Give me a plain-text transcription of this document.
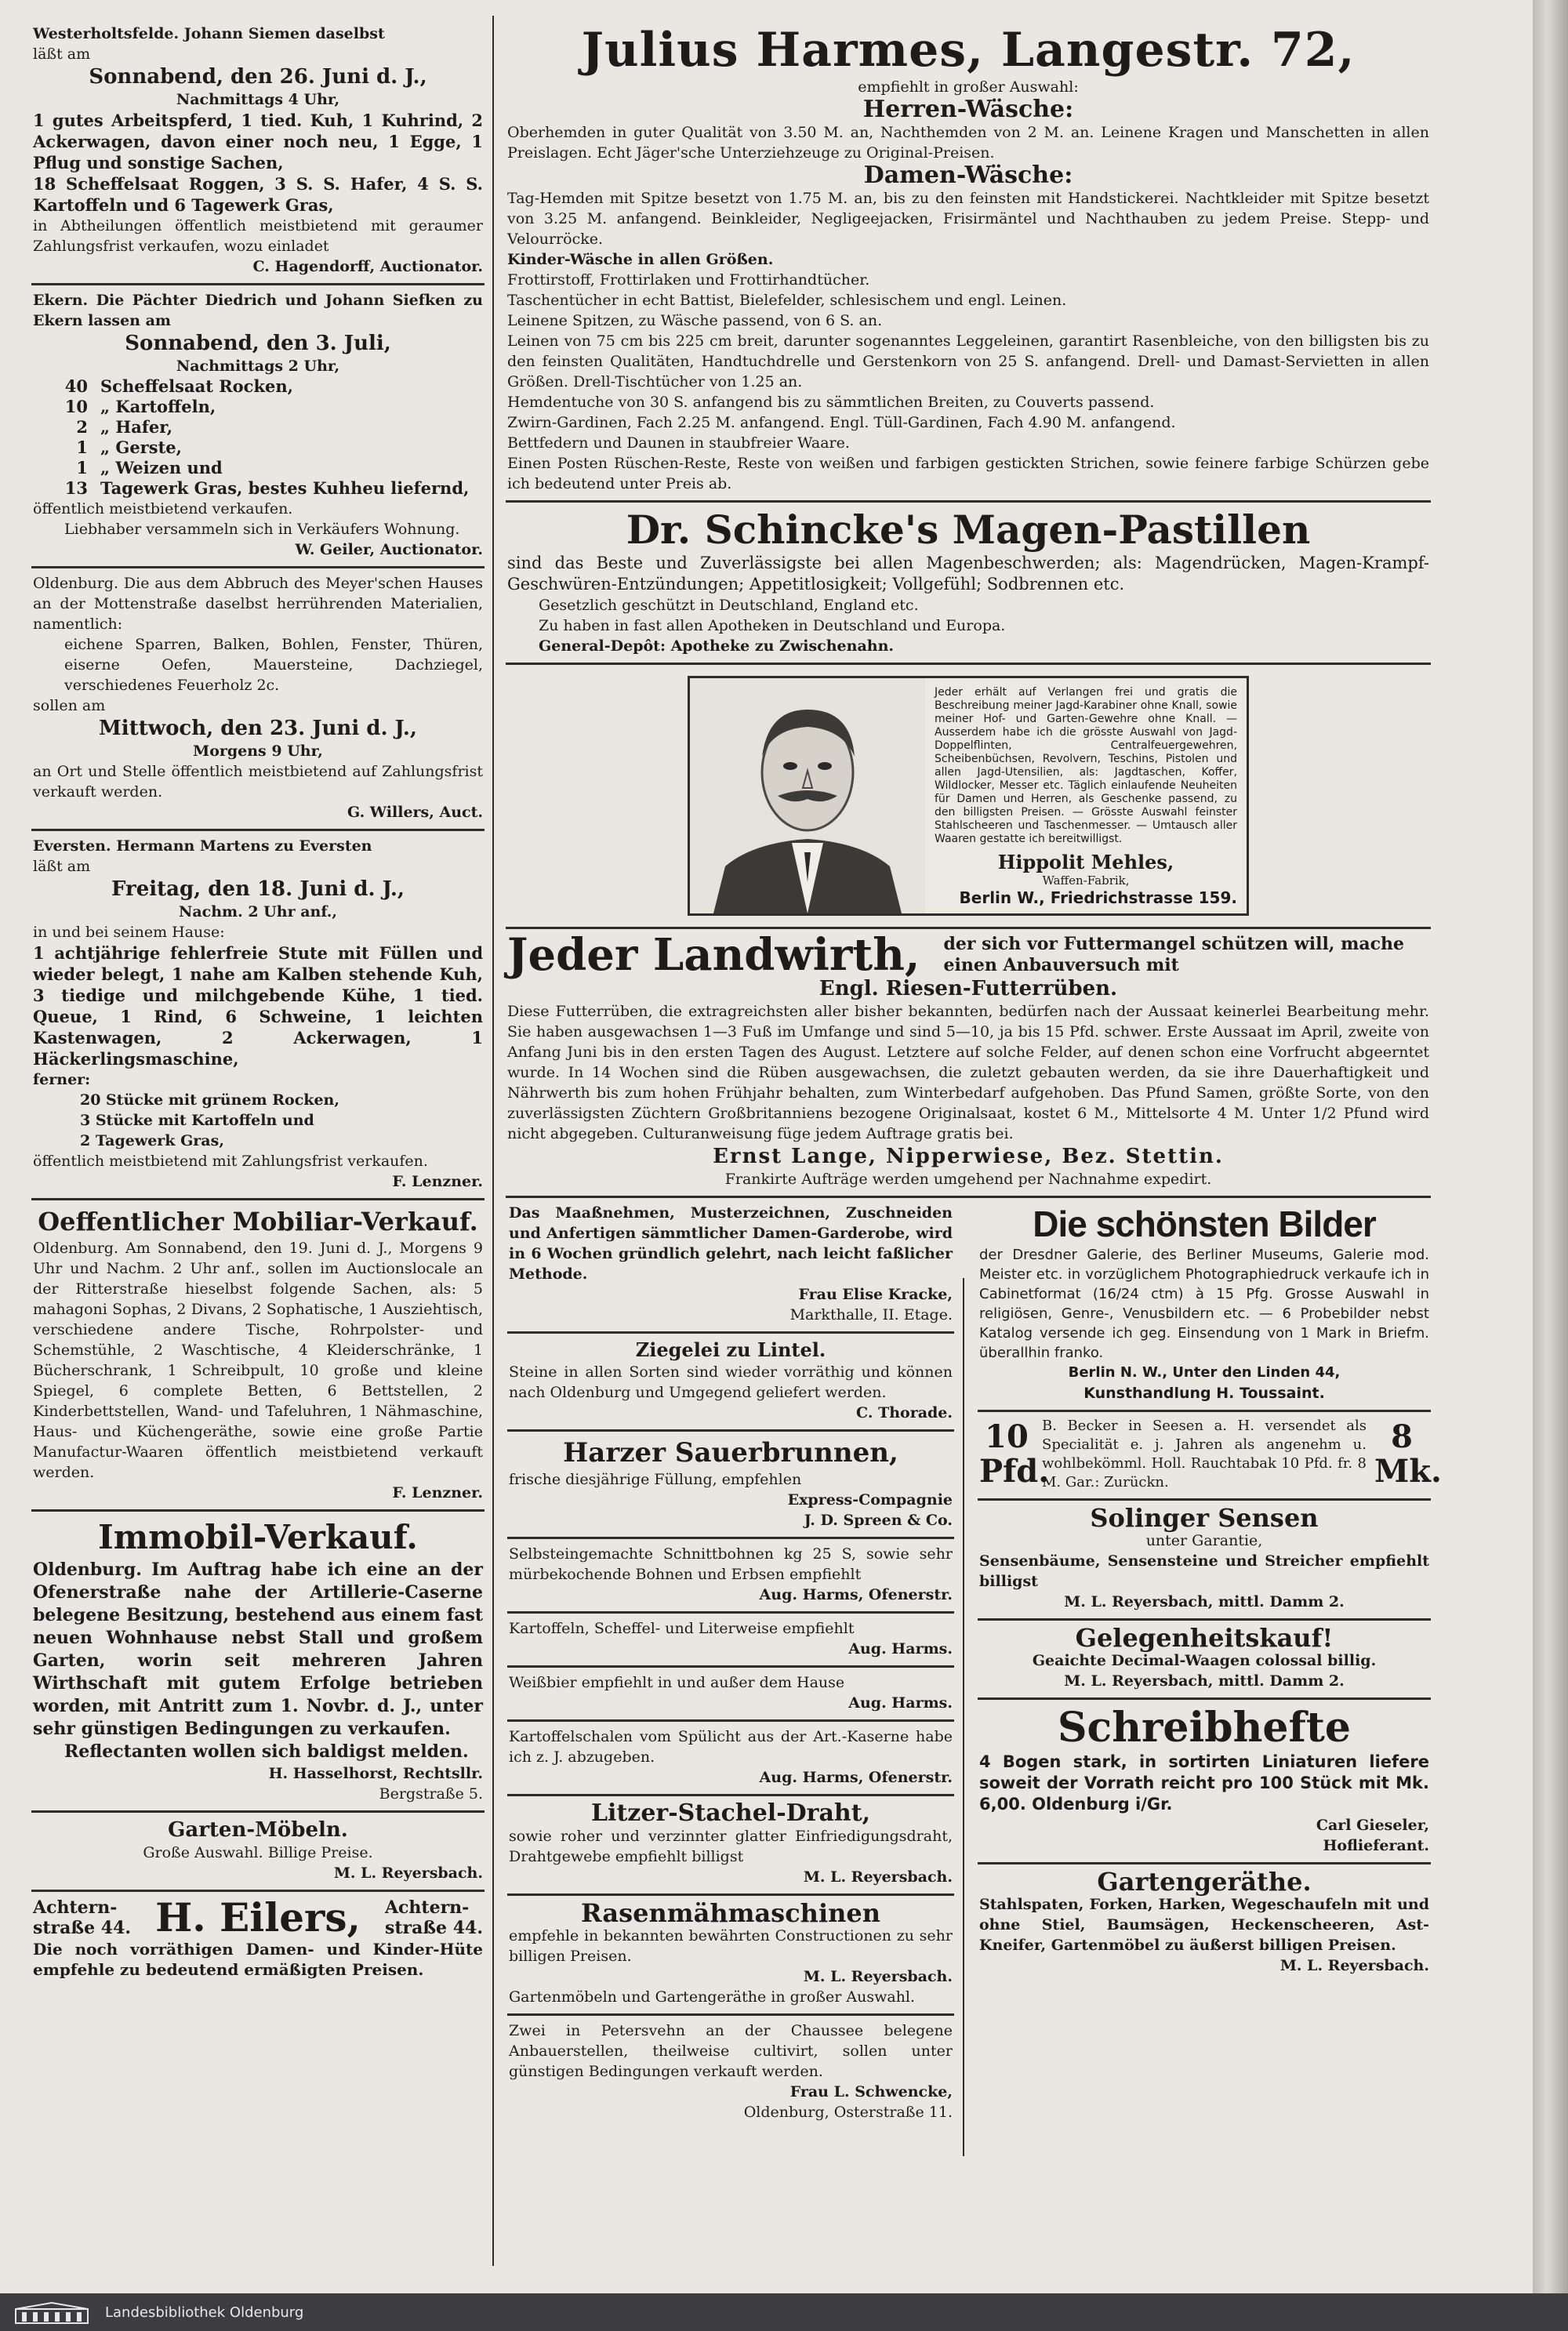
Westerholtsfelde. Johann Siemen daselbst

läßt am

Sonnabend, den 26. Juni d. J.,

Nachmittags 4 Uhr,

1 gutes Arbeitspferd, 1 tied. Kuh, 1 Kuhrind, 2 Ackerwagen, davon einer noch neu, 1 Egge, 1 Pflug und sonstige Sachen,

18 Scheffelsaat Roggen, 3 S. S. Hafer, 4 S. S. Kartoffeln und 6 Tagewerk Gras,

in Abtheilungen öffentlich meistbietend mit geraumer Zahlungsfrist verkaufen, wozu einladet

C. Hagendorff, Auctionator.

Ekern. Die Pächter Diedrich und Johann Siefken zu Ekern lassen am

Sonnabend, den 3. Juli,

Nachmittags 2 Uhr,

40 Scheffelsaat Rocken,
10 „ Kartoffeln,
2 „ Hafer,
1 „ Gerste,
1 „ Weizen und
13 Tagewerk Gras, bestes Kuhheu liefernd,

öffentlich meistbietend verkaufen.

Liebhaber versammeln sich in Verkäufers Wohnung.

W. Geiler, Auctionator.

Oldenburg. Die aus dem Abbruch des Meyer'schen Hauses an der Mottenstraße daselbst herrührenden Materialien, namentlich:

eichene Sparren, Balken, Bohlen, Fenster, Thüren, eiserne Oefen, Mauersteine, Dachziegel, verschiedenes Feuerholz 2c.

sollen am

Mittwoch, den 23. Juni d. J.,

Morgens 9 Uhr,

an Ort und Stelle öffentlich meistbietend auf Zahlungsfrist verkauft werden.

G. Willers, Auct.

Eversten. Hermann Martens zu Eversten

läßt am

Freitag, den 18. Juni d. J.,

Nachm. 2 Uhr anf.,

in und bei seinem Hause:

1 achtjährige fehlerfreie Stute mit Füllen und wieder belegt, 1 nahe am Kalben stehende Kuh, 3 tiedige und milchgebende Kühe, 1 tied. Queue, 1 Rind, 6 Schweine, 1 leichten Kastenwagen, 2 Ackerwagen, 1 Häckerlingsmaschine,

ferner:

20 Stücke mit grünem Rocken,

3 Stücke mit Kartoffeln und

2 Tagewerk Gras,

öffentlich meistbietend mit Zahlungsfrist verkaufen.

F. Lenzner.

Oeffentlicher Mobiliar-Verkauf.

Oldenburg. Am Sonnabend, den 19. Juni d. J., Morgens 9 Uhr und Nachm. 2 Uhr anf., sollen im Auctionslocale an der Ritterstraße hieselbst folgende Sachen, als: 5 mahagoni Sophas, 2 Divans, 2 Sophatische, 1 Ausziehtisch, verschiedene andere Tische, Rohrpolster- und Schemstühle, 2 Waschtische, 4 Kleiderschränke, 1 Bücherschrank, 1 Schreibpult, 10 große und kleine Spiegel, 6 complete Betten, 6 Bettstellen, 2 Kinderbettstellen, Wand- und Tafeluhren, 1 Nähmaschine, Haus- und Küchengeräthe, sowie eine große Partie Manufactur-Waaren öffentlich meistbietend verkauft werden.

F. Lenzner.

Immobil-Verkauf.

Oldenburg. Im Auftrag habe ich eine an der Ofenerstraße nahe der Artillerie-Caserne belegene Besitzung, bestehend aus einem fast neuen Wohnhause nebst Stall und großem Garten, worin seit mehreren Jahren Wirthschaft mit gutem Erfolge betrieben worden, mit Antritt zum 1. Novbr. d. J., unter sehr günstigen Bedingungen zu verkaufen.

Reflectanten wollen sich baldigst melden.

H. Hasselhorst, Rechtsllr.

Bergstraße 5.

Garten-Möbeln.

Große Auswahl. Billige Preise.

M. L. Reyersbach.

Achtern-
straße 44. H. Eilers, Achtern-
straße 44.

Die noch vorräthigen Damen- und Kinder-Hüte empfehle zu bedeutend ermäßigten Preisen.

Julius Harmes, Langestr. 72,

empfiehlt in großer Auswahl:

Herren-Wäsche:

Oberhemden in guter Qualität von 3.50 M. an, Nachthemden von 2 M. an. Leinene Kragen und Manschetten in allen Preislagen. Echt Jäger'sche Unterziehzeuge zu Original-Preisen.

Damen-Wäsche:

Tag-Hemden mit Spitze besetzt von 1.75 M. an, bis zu den feinsten mit Handstickerei. Nachtkleider mit Spitze besetzt von 3.25 M. anfangend. Beinkleider, Negligeejacken, Frisirmäntel und Nachthauben zu jedem Preise. Stepp- und Velourröcke.

Kinder-Wäsche in allen Größen.

Frottirstoff, Frottirlaken und Frottirhandtücher.

Taschentücher in echt Battist, Bielefelder, schlesischem und engl. Leinen.

Leinene Spitzen, zu Wäsche passend, von 6 S. an.

Leinen von 75 cm bis 225 cm breit, darunter sogenanntes Leggeleinen, garantirt Rasenbleiche, von den billigsten bis zu den feinsten Qualitäten, Handtuchdrelle und Gerstenkorn von 25 S. anfangend. Drell- und Damast-Servietten in allen Größen. Drell-Tischtücher von 1.25 an.

Hemdentuche von 30 S. anfangend bis zu sämmtlichen Breiten, zu Couverts passend.

Zwirn-Gardinen, Fach 2.25 M. anfangend. Engl. Tüll-Gardinen, Fach 4.90 M. anfangend.

Bettfedern und Daunen in staubfreier Waare.

Einen Posten Rüschen-Reste, Reste von weißen und farbigen gestickten Strichen, sowie feinere farbige Schürzen gebe ich bedeutend unter Preis ab.

Dr. Schincke's Magen-Pastillen

sind das Beste und Zuverlässigste bei allen Magenbeschwerden; als: Magendrücken, Magen-Krampf-Geschwüren-Entzündungen; Appetitlosigkeit; Vollgefühl; Sodbrennen etc.

Gesetzlich geschützt in Deutschland, England etc.

Zu haben in fast allen Apotheken in Deutschland und Europa.

General-Depôt: Apotheke zu Zwischenahn.

Jeder erhält auf Verlangen frei und gratis die Beschreibung meiner Jagd-Karabiner ohne Knall, sowie meiner Hof- und Garten-Gewehre ohne Knall. — Ausserdem habe ich die grösste Auswahl von Jagd-Doppelflinten, Centralfeuergewehren, Scheibenbüchsen, Revolvern, Teschins, Pistolen und allen Jagd-Utensilien, als: Jagdtaschen, Koffer, Wildlocker, Messer etc. Täglich einlaufende Neuheiten für Damen und Herren, als Geschenke passend, zu den billigsten Preisen. — Grösste Auswahl feinster Stahlscheeren und Taschenmesser. — Umtausch aller Waaren gestatte ich bereitwilligst.
Hippolit Mehles,
Waffen-Fabrik,
Berlin W., Friedrichstrasse 159.
Jeder Landwirth,	der sich vor Futtermangel schützen will, mache einen Anbauversuch mit

Engl. Riesen-Futterrüben.

Diese Futterrüben, die extragreichsten aller bisher bekannten, bedürfen nach der Aussaat keinerlei Bearbeitung mehr. Sie haben ausgewachsen 1—3 Fuß im Umfange und sind 5—10, ja bis 15 Pfd. schwer. Erste Aussaat im April, zweite von Anfang Juni bis in den ersten Tagen des August. Letztere auf solche Felder, auf denen schon eine Vorfrucht abgeerntet wurde. In 14 Wochen sind die Rüben ausgewachsen, die zuletzt gebauten werden, da sie ihre Dauerhaftigkeit und Nährwerth bis zum hohen Frühjahr behalten, zum Winterbedarf aufgehoben. Das Pfund Samen, größte Sorte, von den zuverlässigsten Züchtern Großbritanniens bezogene Originalsaat, kostet 6 M., Mittelsorte 4 M. Unter 1/2 Pfund wird nicht abgegeben. Culturanweisung füge jedem Auftrage gratis bei.

Ernst Lange, Nipperwiese, Bez. Stettin.

Frankirte Aufträge werden umgehend per Nachnahme expedirt.

Das Maaßnehmen, Musterzeichnen, Zuschneiden und Anfertigen sämmtlicher Damen-Garderobe, wird in 6 Wochen gründlich gelehrt, nach leicht faßlicher Methode.

Frau Elise Kracke,

Markthalle, II. Etage.

Ziegelei zu Lintel.

Steine in allen Sorten sind wieder vorräthig und können nach Oldenburg und Umgegend geliefert werden.

C. Thorade.

Harzer Sauerbrunnen,

frische diesjährige Füllung, empfehlen

Express-Compagnie

J. D. Spreen & Co.

Selbsteingemachte Schnittbohnen kg 25 S, sowie sehr mürbekochende Bohnen und Erbsen empfiehlt

Aug. Harms, Ofenerstr.

Kartoffeln, Scheffel- und Literweise empfiehlt

Aug. Harms.

Weißbier empfiehlt in und außer dem Hause

Aug. Harms.

Kartoffelschalen vom Spülicht aus der Art.-Kaserne habe ich z. J. abzugeben.

Aug. Harms, Ofenerstr.

Litzer-Stachel-Draht,

sowie roher und verzinnter glatter Einfriedigungsdraht, Drahtgewebe empfiehlt billigst

M. L. Reyersbach.

Rasenmähmaschinen

empfehle in bekannten bewährten Constructionen zu sehr billigen Preisen.

M. L. Reyersbach.

Gartenmöbeln und Gartengeräthe in großer Auswahl.

Zwei in Petersvehn an der Chaussee belegene Anbauerstellen, theilweise cultivirt, sollen unter günstigen Bedingungen verkauft werden.

Frau L. Schwencke,

Oldenburg, Osterstraße 11.

Die schönsten Bilder

der Dresdner Galerie, des Berliner Museums, Galerie mod. Meister etc. in vorzüglichem Photographiedruck verkaufe ich in Cabinetformat (16/24 ctm) à 15 Pfg. Grosse Auswahl in religiösen, Genre-, Venusbildern etc. — 6 Probebilder nebst Katalog versende ich geg. Einsendung von 1 Mark in Briefm. überallhin franko.

Berlin N. W., Unter den Linden 44,

Kunsthandlung H. Toussaint.

10
Pfd.
B. Becker in Seesen a. H. versendet als Specialität e. j. Jahren als angenehm u. wohlbekömml. Holl. Rauchtabak 10 Pfd. fr. 8 M. Gar.: Zurückn.
8
Mk.

Solinger Sensen

unter Garantie,

Sensenbäume, Sensensteine und Streicher empfiehlt billigst

M. L. Reyersbach, mittl. Damm 2.

Gelegenheitskauf!

Geaichte Decimal-Waagen colossal billig.

M. L. Reyersbach, mittl. Damm 2.

Schreibhefte

4 Bogen stark, in sortirten Liniaturen liefere soweit der Vorrath reicht pro 100 Stück mit Mk. 6,00. Oldenburg i/Gr.

Carl Gieseler,

Hoflieferant.

Gartengeräthe.

Stahlspaten, Forken, Harken, Wegeschaufeln mit und ohne Stiel, Baumsägen, Heckenscheeren, Ast-Kneifer, Gartenmöbel zu äußerst billigen Preisen.

M. L. Reyersbach.

Landesbibliothek Oldenburg
